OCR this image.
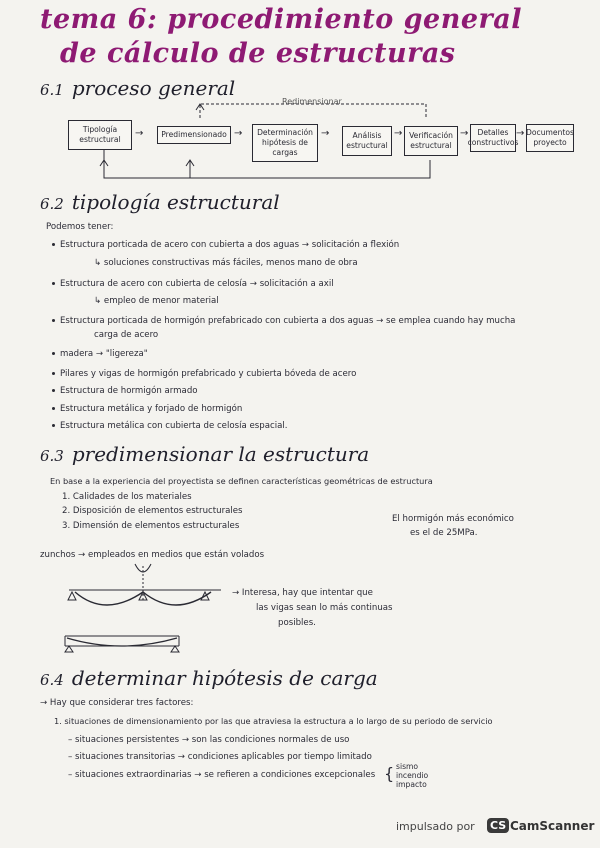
tema 6: procedimiento general
de cálculo de estructuras
6.1 proceso general
Redimensionar
Tipología estructural
→	Predimensionado →	Determinación hipótesis de cargas
→	Análisis estructural
→ Verificación estructural
→	Detalles constructivos
→ Documentos proyecto
6.2 tipología estructural
Podemos tener:
Estructura porticada de acero con cubierta a dos aguas → solicitación a flexión
↳ soluciones constructivas más fáciles, menos mano de obra
Estructura de acero con cubierta de celosía → solicitación a axil
↳ empleo de menor material
Estructura porticada de hormigón prefabricado con cubierta a dos aguas → se emplea cuando hay mucha
carga de acero
madera → "ligereza"
Pilares y vigas de hormigón prefabricado y cubierta bóveda de acero
Estructura de hormigón armado
Estructura metálica y forjado de hormigón
Estructura metálica con cubierta de celosía espacial.
6.3 predimensionar la estructura
En base a la experiencia del proyectista se definen características geométricas de estructura
1. Calidades de los materiales
2. Disposición de elementos estructurales
3. Dimensión de elementos estructurales
El hormigón más económico
es el de 25MPa.
zunchos → empleados en medios que están volados
→ Interesa, hay que intentar que
las vigas sean lo más continuas
posibles.
6.4 determinar hipótesis de carga
→ Hay que considerar tres factores:
1. situaciones de dimensionamiento por las que atraviesa la estructura a lo largo de su periodo de servicio
– situaciones persistentes → son las condiciones normales de uso
– situaciones transitorias → condiciones aplicables por tiempo limitado
– situaciones extraordinarias → se refieren a condiciones excepcionales { sismo
incendio
impacto
impulsado por CS CamScanner
